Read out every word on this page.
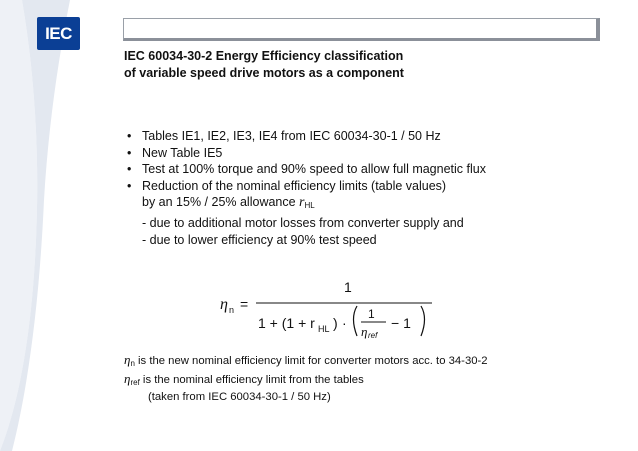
IEC
IEC 60034-30-2 Energy Efficiency classification
of variable speed drive motors as a component
• Tables IE1, IE2, IE3, IE4 from IEC 60034-30-1 / 50 Hz
• New Table IE5
• Test at 100% torque and 90% speed to allow full magnetic flux
• Reduction of the nominal efficiency limits (table values)
by an 15% / 25% allowance rHL
- due to additional motor losses from converter supply and
- due to lower efficiency at 90% test speed
η n =
1
1 + (1 + r HL ) ·
1
η ref
− 1
ηn is the new nominal efficiency limit for converter motors acc. to 34-30-2
ηref is the nominal efficiency limit from the tables
(taken from IEC 60034-30-1 / 50 Hz)
